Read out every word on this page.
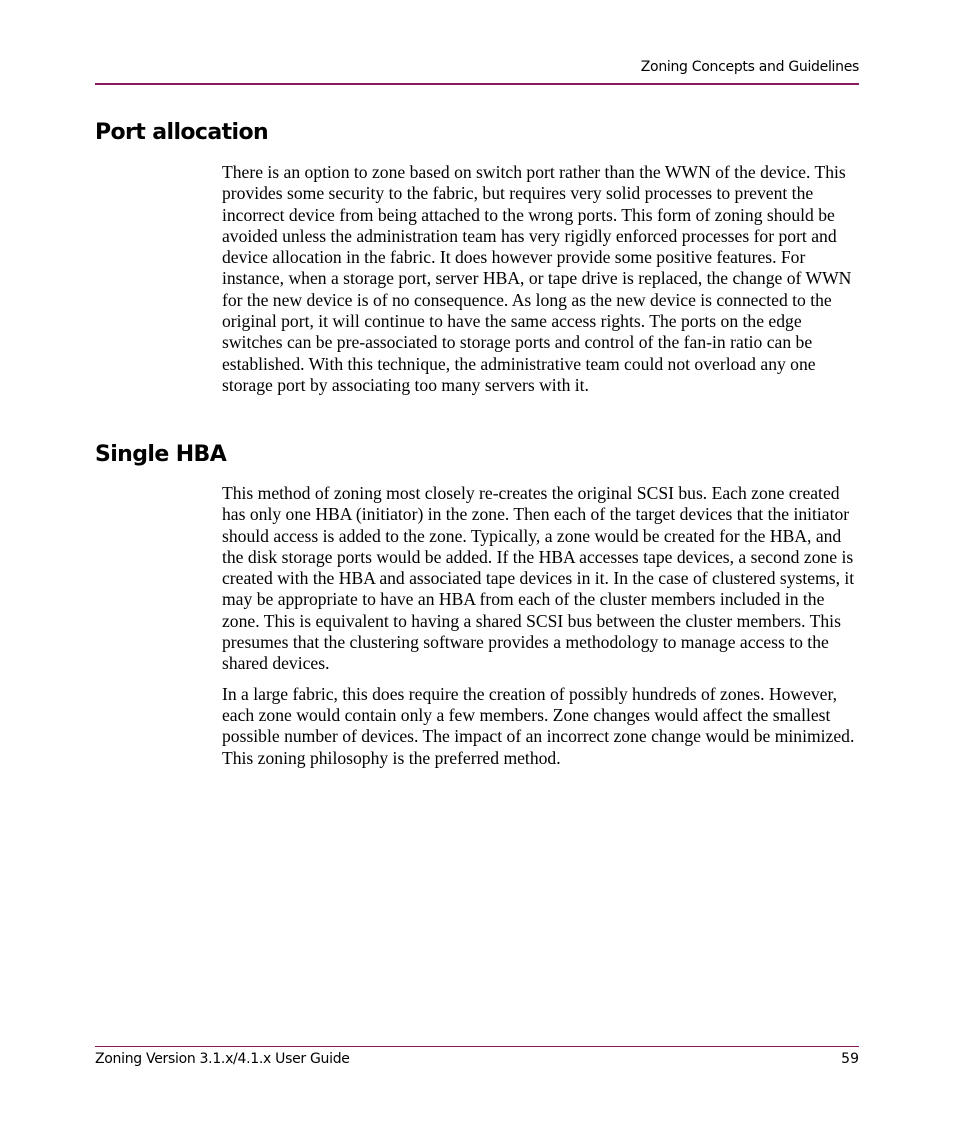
Zoning Concepts and Guidelines
Port allocation

There is an option to zone based on switch port rather than the WWN of the device. This provides some security to the fabric, but requires very solid processes to prevent the incorrect device from being attached to the wrong ports. This form of zoning should be avoided unless the administration team has very rigidly enforced processes for port and device allocation in the fabric. It does however provide some positive features. For instance, when a storage port, server HBA, or tape drive is replaced, the change of WWN for the new device is of no consequence. As long as the new device is connected to the original port, it will continue to have the same access rights. The ports on the edge switches can be pre-associated to storage ports and control of the fan-in ratio can be established. With this technique, the administrative team could not overload any one storage port by associating too many servers with it.

Single HBA

This method of zoning most closely re-creates the original SCSI bus. Each zone created has only one HBA (initiator) in the zone. Then each of the target devices that the initiator should access is added to the zone. Typically, a zone would be created for the HBA, and the disk storage ports would be added. If the HBA accesses tape devices, a second zone is created with the HBA and associated tape devices in it. In the case of clustered systems, it may be appropriate to have an HBA from each of the cluster members included in the zone. This is equivalent to having a shared SCSI bus between the cluster members. This presumes that the clustering software provides a methodology to manage access to the shared devices.

In a large fabric, this does require the creation of possibly hundreds of zones. However, each zone would contain only a few members. Zone changes would affect the smallest possible number of devices. The impact of an incorrect zone change would be minimized. This zoning philosophy is the preferred method.

Zoning Version 3.1.x/4.1.x User Guide	59
